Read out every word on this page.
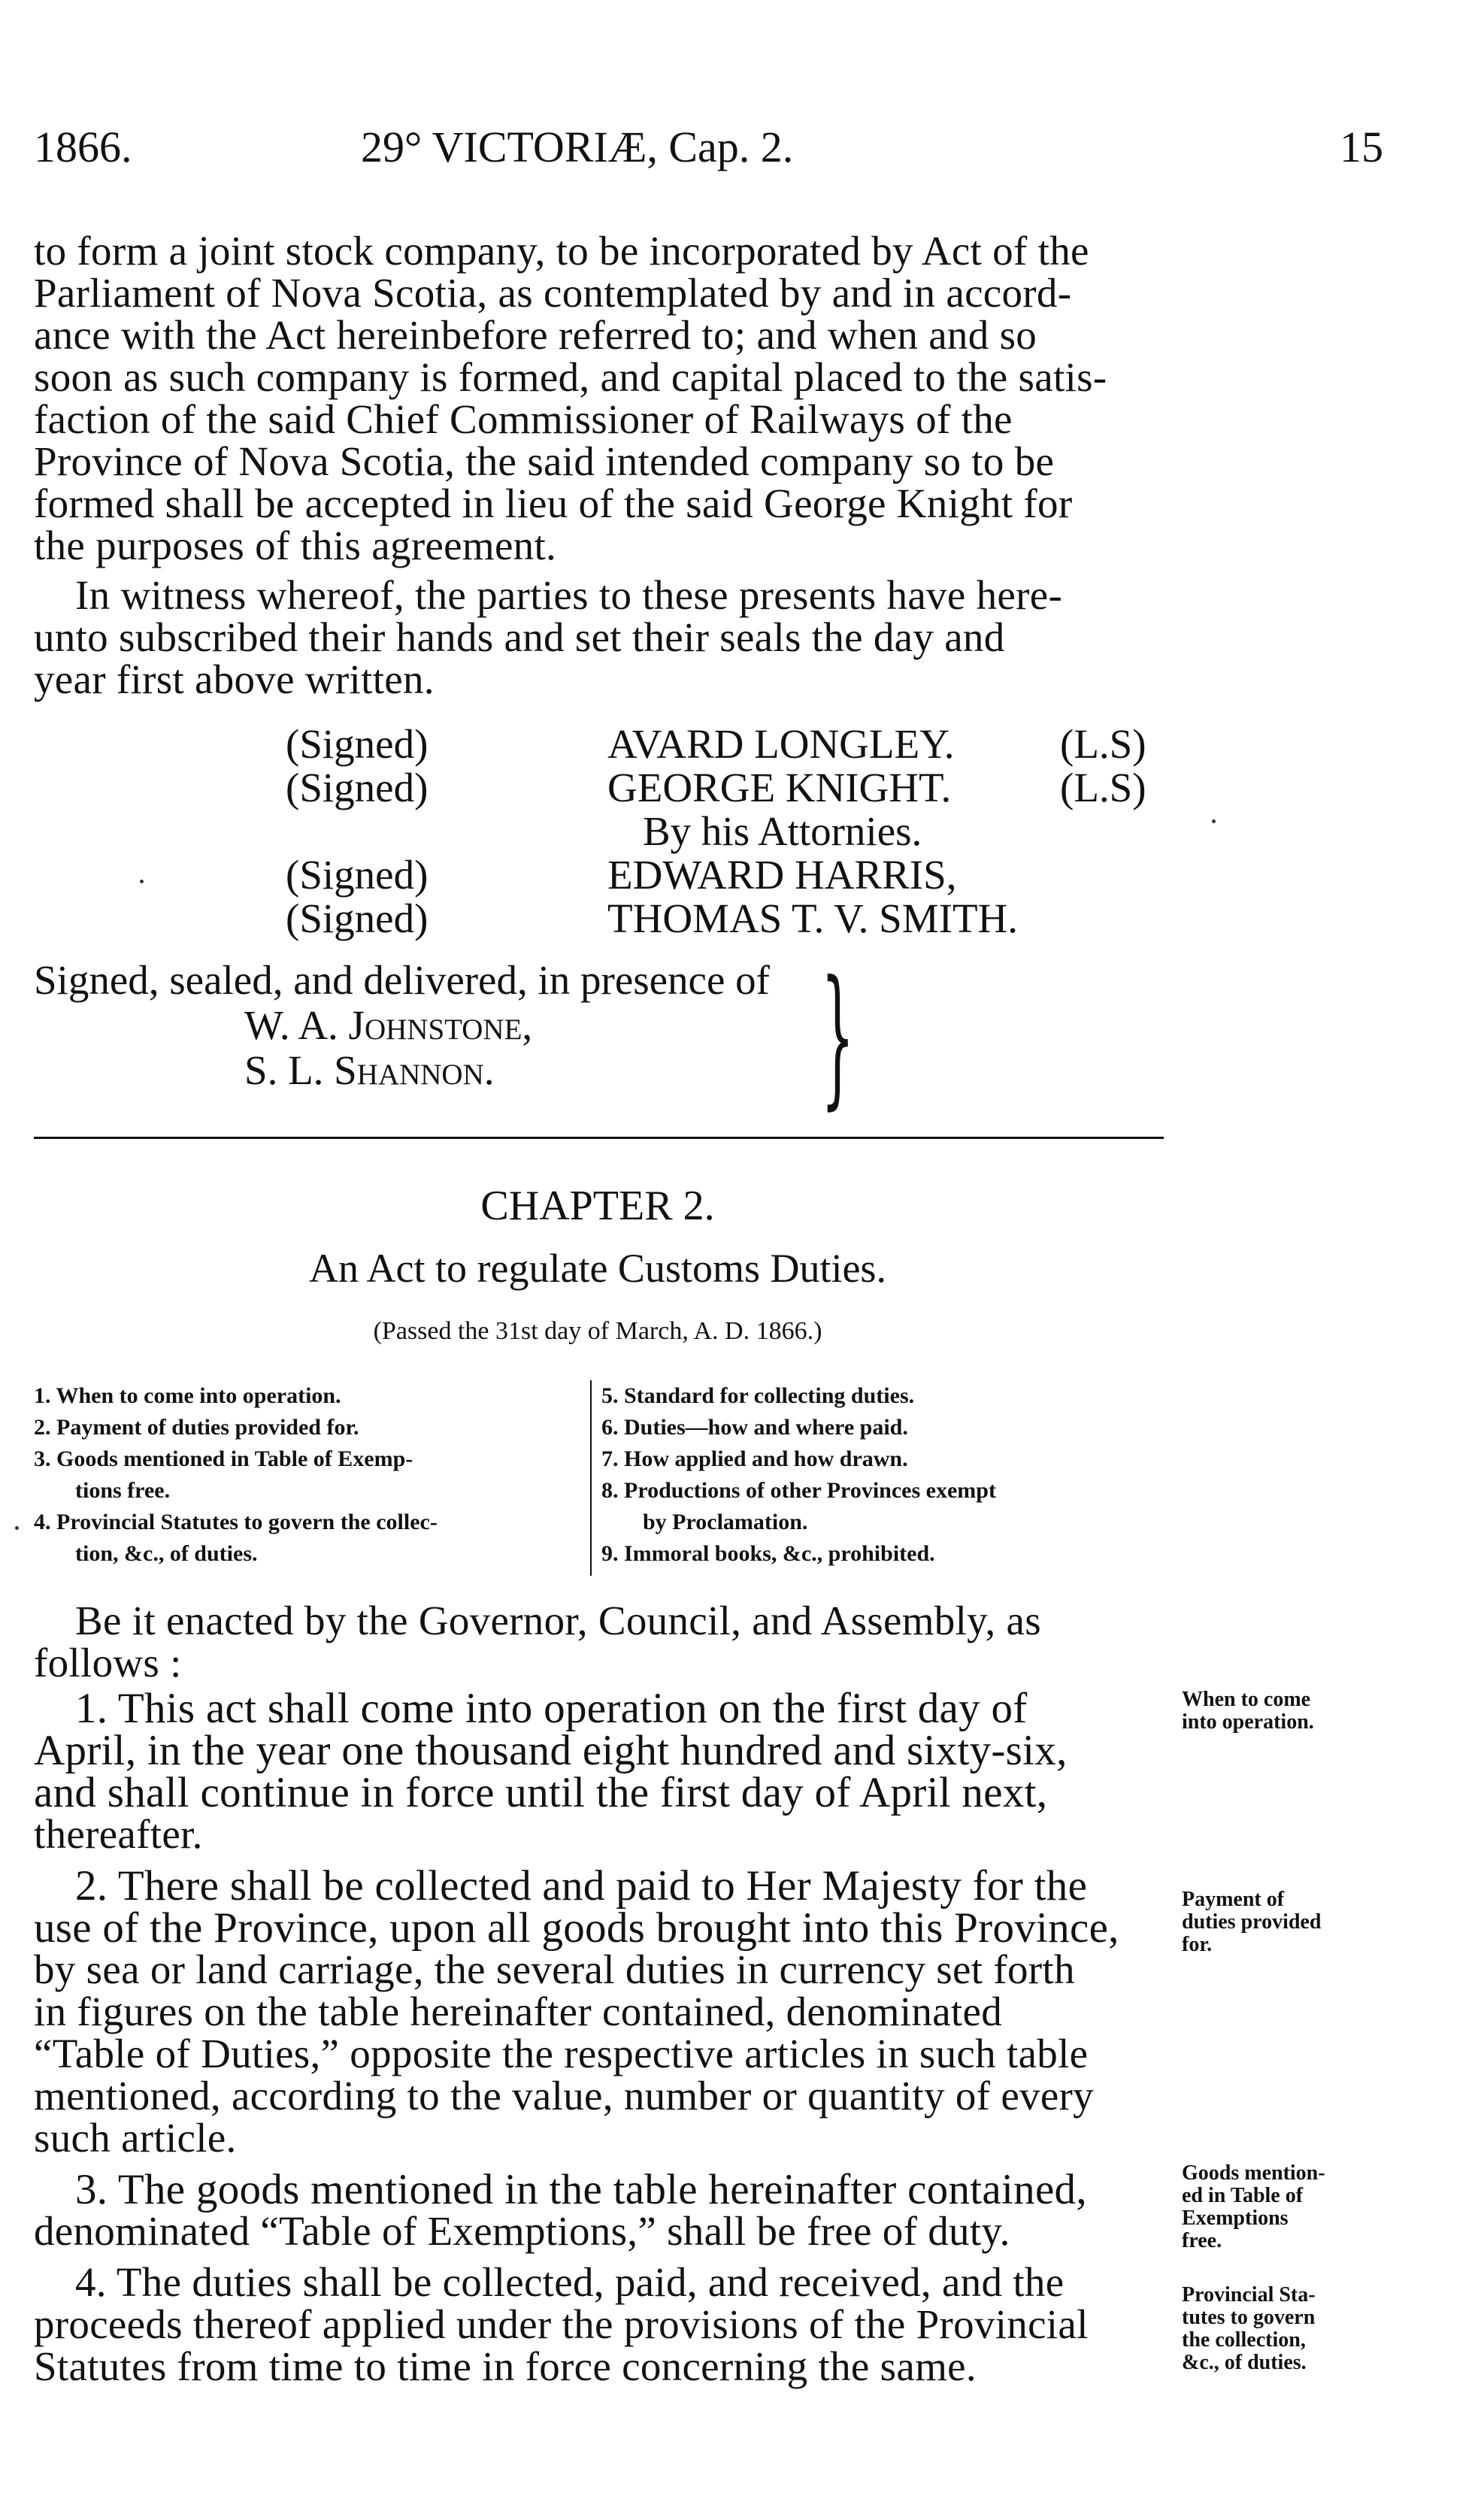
1866.	29° VICTORIÆ, Cap. 2.	15
to form a joint stock company, to be incorporated by Act of the
Parliament of Nova Scotia, as contemplated by and in accord-
ance with the Act hereinbefore referred to; and when and so
soon as such company is formed, and capital placed to the satis-
faction of the said Chief Commissioner of Railways of the
Province of Nova Scotia, the said intended company so to be
formed shall be accepted in lieu of the said George Knight for
the purposes of this agreement.
In witness whereof, the parties to these presents have here-
unto subscribed their hands and set their seals the day and
year first above written.
(Signed)	AVARD LONGLEY.	(L.S)
(Signed)	GEORGE KNIGHT.	(L.S)
By his Attornies.
(Signed)	EDWARD HARRIS,
(Signed)	THOMAS T. V. SMITH.
Signed, sealed, and delivered, in presence of
W. A. Johnstone,
S. L. Shannon. }
CHAPTER 2.
An Act to regulate Customs Duties.
(Passed the 31st day of March, A. D. 1866.)
1. When to come into operation.
2. Payment of duties provided for.
3. Goods mentioned in Table of Exemp-
tions free.
4. Provincial Statutes to govern the collec-
tion, &c., of duties.
5. Standard for collecting duties.
6. Duties—how and where paid.
7. How applied and how drawn.
8. Productions of other Provinces exempt
by Proclamation.
9. Immoral books, &c., prohibited.
Be it enacted by the Governor, Council, and Assembly, as
follows :
1. This act shall come into operation on the first day of
April, in the year one thousand eight hundred and sixty-six,
and shall continue in force until the first day of April next,
thereafter.
2. There shall be collected and paid to Her Majesty for the
use of the Province, upon all goods brought into this Province,
by sea or land carriage, the several duties in currency set forth
in figures on the table hereinafter contained, denominated
“Table of Duties,” opposite the respective articles in such table
mentioned, according to the value, number or quantity of every
such article.
3. The goods mentioned in the table hereinafter contained,
denominated “Table of Exemptions,” shall be free of duty.
4. The duties shall be collected, paid, and received, and the
proceeds thereof applied under the provisions of the Provincial
Statutes from time to time in force concerning the same.
When to come
into operation.
Payment of
duties provided
for.
Goods mention-
ed in Table of
Exemptions
free.
Provincial Sta-
tutes to govern
the collection,
&c., of duties.
